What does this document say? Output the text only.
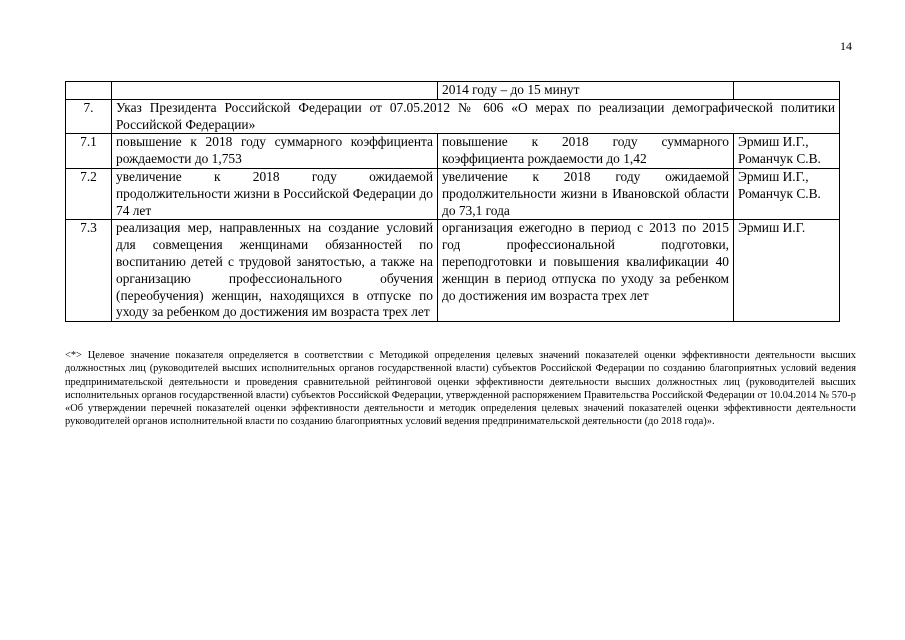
14
		2014 году – до 15 минут	
7.	Указ Президента Российской Федерации от 07.05.2012 № 606 «О мерах по реализации демографической политики Российской Федерации»		
7.1	повышение к 2018 году суммарного коэффициента рождаемости до 1,753	повышение к 2018 году суммарного коэффициента рождаемости до 1,42	Эрмиш И.Г., Романчук С.В.
7.2	увеличение к 2018 году ожидаемой продолжительности жизни в Российской Федерации до 74 лет	увеличение к 2018 году ожидаемой продолжительности жизни в Ивановской области до 73,1 года	Эрмиш И.Г., Романчук С.В.
7.3	реализация мер, направленных на создание условий для совмещения женщинами обязанностей по воспитанию детей с трудовой занятостью, а также на организацию профессионального обучения (переобучения) женщин, находящихся в отпуске по уходу за ребенком до достижения им возраста трех лет	организация ежегодно в период с 2013 по 2015 год профессиональной подготовки, переподготовки и повышения квалификации 40 женщин в период отпуска по уходу за ребенком до достижения им возраста трех лет	Эрмиш И.Г.

<*> Целевое значение показателя определяется в соответствии с Методикой определения целевых значений показателей оценки эффективности деятельности высших должностных лиц (руководителей высших исполнительных органов государственной власти) субъектов Российской Федерации по созданию благоприятных условий ведения предпринимательской деятельности и проведения сравнительной рейтинговой оценки эффективности деятельности высших должностных лиц (руководителей высших исполнительных органов государственной власти) субъектов Российской Федерации, утвержденной распоряжением Правительства Российской Федерации от 10.04.2014 № 570-р «Об утверждении перечней показателей оценки эффективности деятельности и методик определения целевых значений показателей оценки эффективности деятельности руководителей органов исполнительной власти по созданию благоприятных условий ведения предпринимательской деятельности (до 2018 года)».
